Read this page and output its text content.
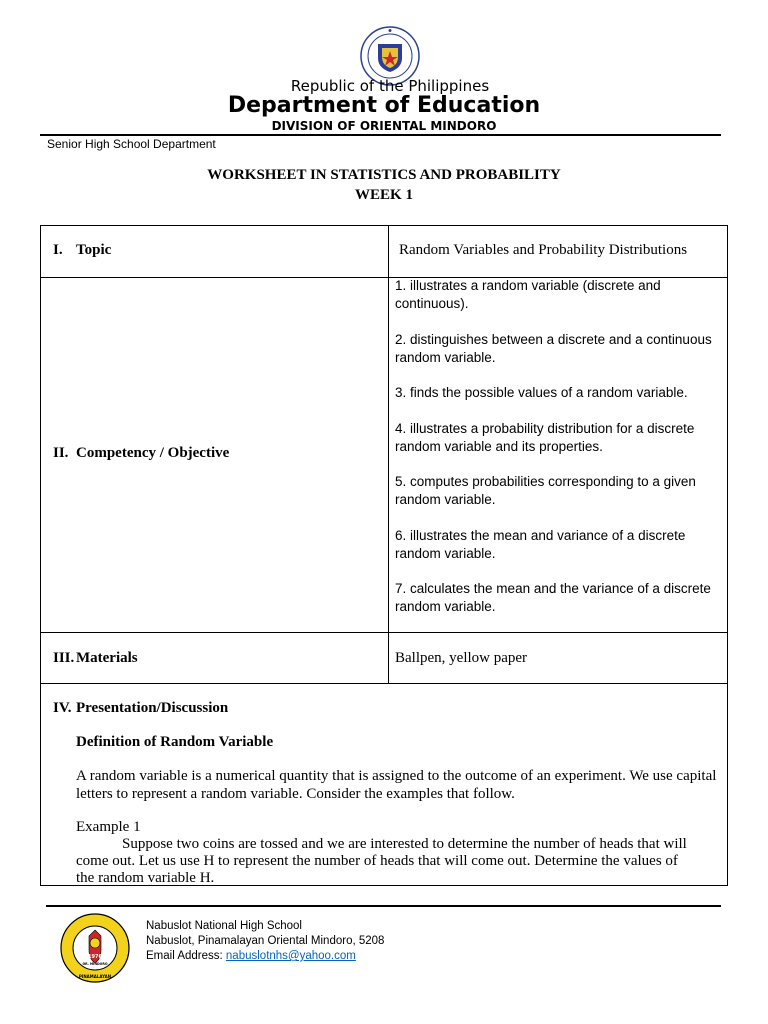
Republic of the Philippines
Department of Education
DIVISION OF ORIENTAL MINDORO
Senior High School Department
WORKSHEET IN STATISTICS AND PROBABILITY
WEEK 1
I. Topic	Random Variables and Probability Distributions
II. Competency / Objective
1. illustrates a random variable (discrete and continuous).
2. distinguishes between a discrete and a continuous random variable.
3. finds the possible values of a random variable.
4. illustrates a probability distribution for a discrete random variable and its properties.
5. computes probabilities corresponding to a given random variable.
6. illustrates the mean and variance of a discrete random variable.
7. calculates the mean and the variance of a discrete random variable.
III. Materials	Ballpen, yellow paper
IV. Presentation/Discussion
Definition of Random Variable
A random variable is a numerical quantity that is assigned to the outcome of an experiment. We use capital letters to represent a random variable. Consider the examples that follow.
Example 1
Suppose two coins are tossed and we are interested to determine the number of heads that will
come out. Let us use H to represent the number of heads that will come out. Determine the values of
the random variable H.
1976
OR. MINDORO
PINAMALAYAN
Nabuslot National High School
Nabuslot, Pinamalayan Oriental Mindoro, 5208
Email Address: nabuslotnhs@yahoo.com
